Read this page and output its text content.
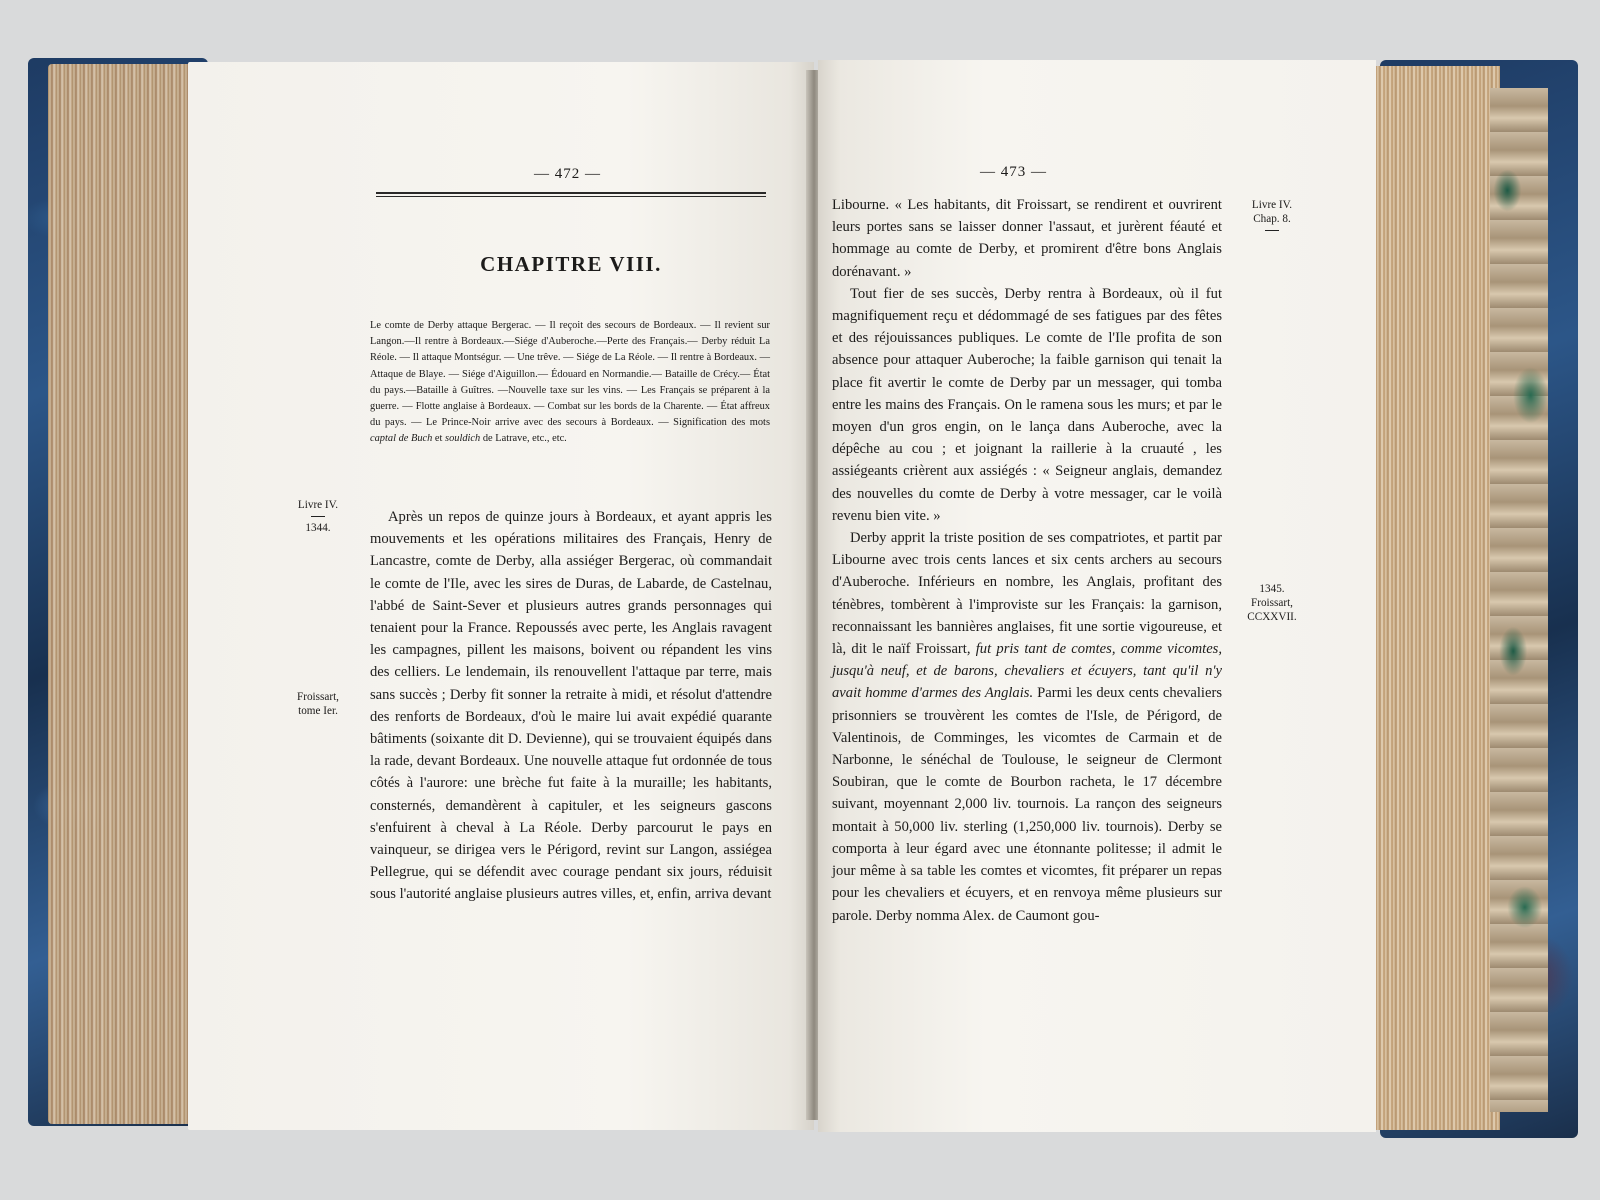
— 472 —
CHAPITRE VIII.
Le comte de Derby attaque Bergerac. — Il reçoit des secours de Bordeaux. — Il revient sur Langon.—Il rentre à Bordeaux.—Siége d'Auberoche.—Perte des Français.— Derby réduit La Réole. — Il attaque Montségur. — Une trêve. — Siége de La Réole. — Il rentre à Bordeaux. — Attaque de Blaye. — Siége d'Aiguillon.— Édouard en Normandie.— Bataille de Crécy.— État du pays.—Bataille à Guîtres. —Nouvelle taxe sur les vins. — Les Français se préparent à la guerre. — Flotte anglaise à Bordeaux. — Combat sur les bords de la Charente. — État affreux du pays. — Le Prince-Noir arrive avec des secours à Bordeaux. — Signification des mots captal de Buch et souldich de Latrave, etc., etc.
Livre IV.
1344.
Froissart,
tome Ier.

Après un repos de quinze jours à Bordeaux, et ayant appris les mouvements et les opérations militaires des Français, Henry de Lancastre, comte de Derby, alla assiéger Bergerac, où commandait le comte de l'Ile, avec les sires de Duras, de Labarde, de Castelnau, l'abbé de Saint-Sever et plusieurs autres grands personnages qui tenaient pour la France. Repoussés avec perte, les Anglais ravagent les campagnes, pillent les maisons, boivent ou répandent les vins des celliers. Le lendemain, ils renouvellent l'attaque par terre, mais sans succès ; Derby fit sonner la retraite à midi, et résolut d'attendre des renforts de Bordeaux, d'où le maire lui avait expédié quarante bâtiments (soixante dit D. Devienne), qui se trouvaient équipés dans la rade, devant Bordeaux. Une nouvelle attaque fut ordonnée de tous côtés à l'aurore: une brèche fut faite à la muraille; les habitants, consternés, demandèrent à capituler, et les seigneurs gascons s'enfuirent à cheval à La Réole. Derby parcourut le pays en vainqueur, se dirigea vers le Périgord, revint sur Langon, assiégea Pellegrue, qui se défendit avec courage pendant six jours, réduisit sous l'autorité anglaise plusieurs autres villes, et, enfin, arriva devant

— 473 —
Livre IV.
Chap. 8.
1345.
Froissart,
CCXXVII.

Libourne. « Les habitants, dit Froissart, se rendirent et ouvrirent leurs portes sans se laisser donner l'assaut, et jurèrent féauté et hommage au comte de Derby, et promirent d'être bons Anglais dorénavant. »

Tout fier de ses succès, Derby rentra à Bordeaux, où il fut magnifiquement reçu et dédommagé de ses fatigues par des fêtes et des réjouissances publiques. Le comte de l'Ile profita de son absence pour attaquer Auberoche; la faible garnison qui tenait la place fit avertir le comte de Derby par un messager, qui tomba entre les mains des Français. On le ramena sous les murs; et par le moyen d'un gros engin, on le lança dans Auberoche, avec la dépêche au cou ; et joignant la raillerie à la cruauté , les assiégeants crièrent aux assiégés : « Seigneur anglais, demandez des nouvelles du comte de Derby à votre messager, car le voilà revenu bien vite. »

Derby apprit la triste position de ses compatriotes, et partit par Libourne avec trois cents lances et six cents archers au secours d'Auberoche. Inférieurs en nombre, les Anglais, profitant des ténèbres, tombèrent à l'improviste sur les Français: la garnison, reconnaissant les bannières anglaises, fit une sortie vigoureuse, et là, dit le naïf Froissart, fut pris tant de comtes, comme vicomtes, jusqu'à neuf, et de barons, chevaliers et écuyers, tant qu'il n'y avait homme d'armes des Anglais. Parmi les deux cents chevaliers prisonniers se trouvèrent les comtes de l'Isle, de Périgord, de Valentinois, de Comminges, les vicomtes de Carmain et de Narbonne, le sénéchal de Toulouse, le seigneur de Clermont Soubiran, que le comte de Bourbon racheta, le 17 décembre suivant, moyennant 2,000 liv. tournois. La rançon des seigneurs montait à 50,000 liv. sterling (1,250,000 liv. tournois). Derby se comporta à leur égard avec une étonnante politesse; il admit le jour même à sa table les comtes et vicomtes, fit préparer un repas pour les chevaliers et écuyers, et en renvoya même plusieurs sur parole. Derby nomma Alex. de Caumont gou-
